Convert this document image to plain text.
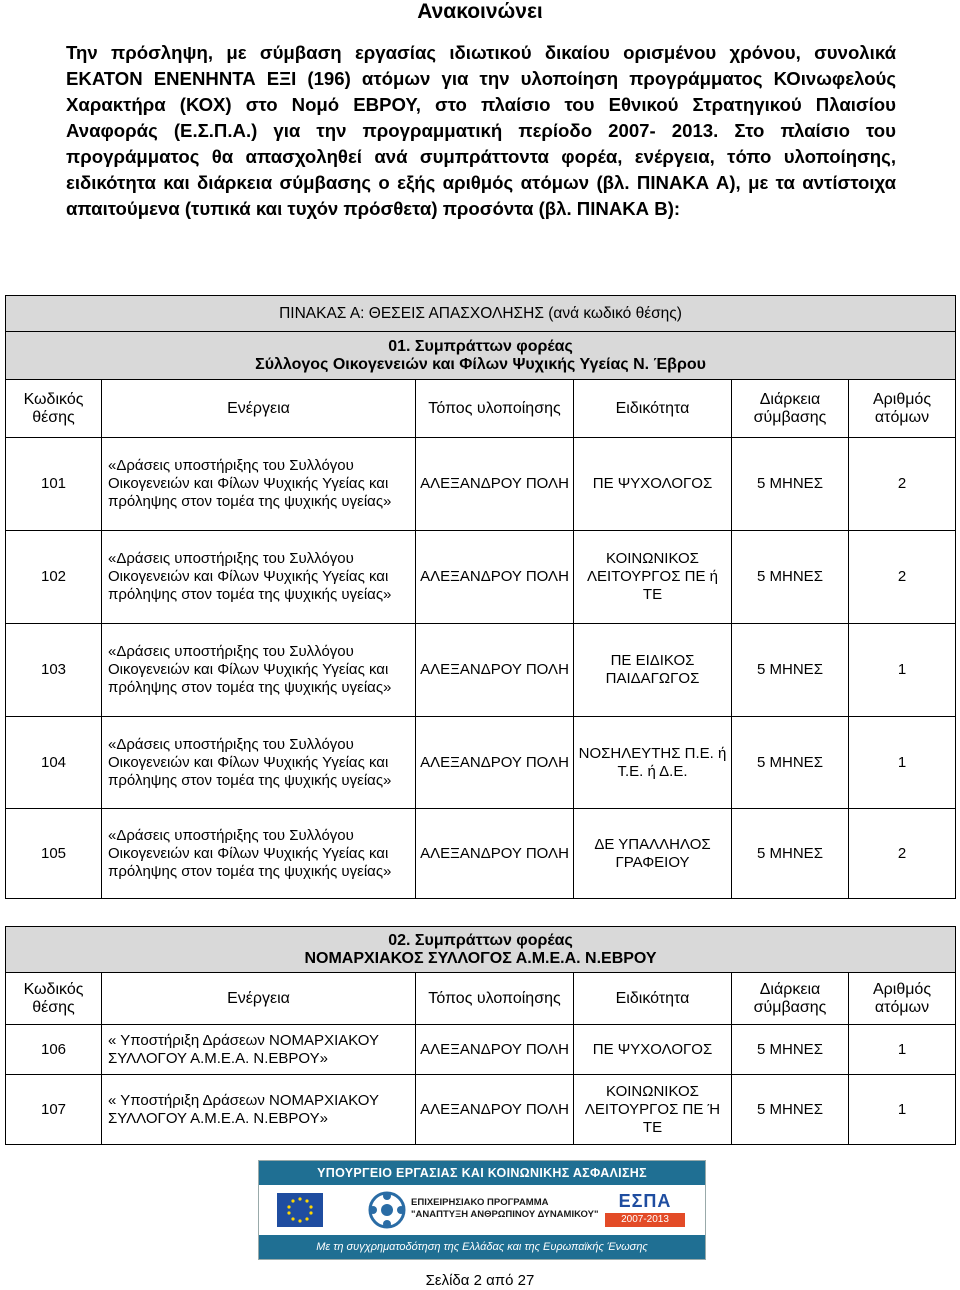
Ανακοινώνει

Την πρόσληψη, με σύμβαση εργασίας ιδιωτικού δικαίου ορισμένου χρόνου, συνολικά ΕΚΑΤΟΝ ΕΝΕΝΗΝΤΑ ΕΞΙ (196) ατόμων για την υλοποίηση προγράμματος ΚΟινωφελούς Χαρακτήρα (ΚΟΧ) στο Νομό ΕΒΡΟΥ, στο πλαίσιο του Εθνικού Στρατηγικού Πλαισίου Αναφοράς (Ε.Σ.Π.Α.) για την προγραμματική περίοδο 2007- 2013. Στο πλαίσιο του προγράμματος θα απασχοληθεί ανά συμπράττοντα φορέα, ενέργεια, τόπο υλοποίησης, ειδικότητα και διάρκεια σύμβασης ο εξής αριθμός ατόμων (βλ. ΠΙΝΑΚΑ Α), με τα αντίστοιχα απαιτούμενα (τυπικά και τυχόν πρόσθετα) προσόντα (βλ. ΠΙΝΑΚΑ Β):

ΠΙΝΑΚΑΣ Α: ΘΕΣΕΙΣ ΑΠΑΣΧΟΛΗΣΗΣ (ανά κωδικό θέσης)					

01. Συμπράττων φορέας
Σύλλογος Οικογενειών και Φίλων Ψυχικής Υγείας Ν. Έβρου					

Κωδικός θέσης	Ενέργεια	Τόπος υλοποίησης	Ειδικότητα	Διάρκεια σύμβασης	Αριθμός ατόμων
101	«Δράσεις υποστήριξης του Συλλόγου Οικογενειών και Φίλων Ψυχικής Υγείας και πρόληψης στον τομέα της ψυχικής υγείας»	ΑΛΕΞΑΝΔΡΟΥ ΠΟΛΗ	ΠΕ ΨΥΧΟΛΟΓΟΣ	5 ΜΗΝΕΣ	2
102	«Δράσεις υποστήριξης του Συλλόγου Οικογενειών και Φίλων Ψυχικής Υγείας και πρόληψης στον τομέα της ψυχικής υγείας»	ΑΛΕΞΑΝΔΡΟΥ ΠΟΛΗ	ΚΟΙΝΩΝΙΚΟΣ ΛΕΙΤΟΥΡΓΟΣ ΠΕ ή ΤΕ	5 ΜΗΝΕΣ	2
103	«Δράσεις υποστήριξης του Συλλόγου Οικογενειών και Φίλων Ψυχικής Υγείας και πρόληψης στον τομέα της ψυχικής υγείας»	ΑΛΕΞΑΝΔΡΟΥ ΠΟΛΗ	ΠΕ ΕΙΔΙΚΟΣ ΠΑΙΔΑΓΩΓΟΣ	5 ΜΗΝΕΣ	1
104	«Δράσεις υποστήριξης του Συλλόγου Οικογενειών και Φίλων Ψυχικής Υγείας και πρόληψης στον τομέα της ψυχικής υγείας»	ΑΛΕΞΑΝΔΡΟΥ ΠΟΛΗ	ΝΟΣΗΛΕΥΤΗΣ Π.Ε. ή Τ.Ε. ή Δ.Ε.	5 ΜΗΝΕΣ	1
105	«Δράσεις υποστήριξης του Συλλόγου Οικογενειών και Φίλων Ψυχικής Υγείας και πρόληψης στον τομέα της ψυχικής υγείας»	ΑΛΕΞΑΝΔΡΟΥ ΠΟΛΗ	ΔΕ ΥΠΑΛΛΗΛΟΣ ΓΡΑΦΕΙΟΥ	5 ΜΗΝΕΣ	2
02. Συμπράττων φορέας
ΝΟΜΑΡΧΙΑΚΟΣ ΣΥΛΛΟΓΟΣ Α.Μ.Ε.Α. Ν.ΕΒΡΟΥ					

Κωδικός θέσης	Ενέργεια	Τόπος υλοποίησης	Ειδικότητα	Διάρκεια σύμβασης	Αριθμός ατόμων
106	« Υποστήριξη Δράσεων ΝΟΜΑΡΧΙΑΚΟΥ ΣΥΛΛΟΓΟΥ Α.Μ.Ε.Α. Ν.ΕΒΡΟΥ»	ΑΛΕΞΑΝΔΡΟΥ ΠΟΛΗ	ΠΕ ΨΥΧΟΛΟΓΟΣ	5 ΜΗΝΕΣ	1
107	« Υποστήριξη Δράσεων ΝΟΜΑΡΧΙΑΚΟΥ ΣΥΛΛΟΓΟΥ Α.Μ.Ε.Α. Ν.ΕΒΡΟΥ»	ΑΛΕΞΑΝΔΡΟΥ ΠΟΛΗ	ΚΟΙΝΩΝΙΚΟΣ ΛΕΙΤΟΥΡΓΟΣ ΠΕ Ή ΤΕ	5 ΜΗΝΕΣ	1
ΥΠΟΥΡΓΕΙΟ ΕΡΓΑΣΙΑΣ ΚΑΙ ΚΟΙΝΩΝΙΚΗΣ ΑΣΦΑΛΙΣΗΣ
ΕΠΙΧΕΙΡΗΣΙΑΚΟ ΠΡΟΓΡΑΜΜΑ
"ΑΝΑΠΤΥΞΗ ΑΝΘΡΩΠΙΝΟΥ ΔΥΝΑΜΙΚΟΥ"
ΕΣΠΑ
2007-2013
Με τη συγχρηματοδότηση της Ελλάδας και της Ευρωπαϊκής Ένωσης
Σελίδα 2 από 27
